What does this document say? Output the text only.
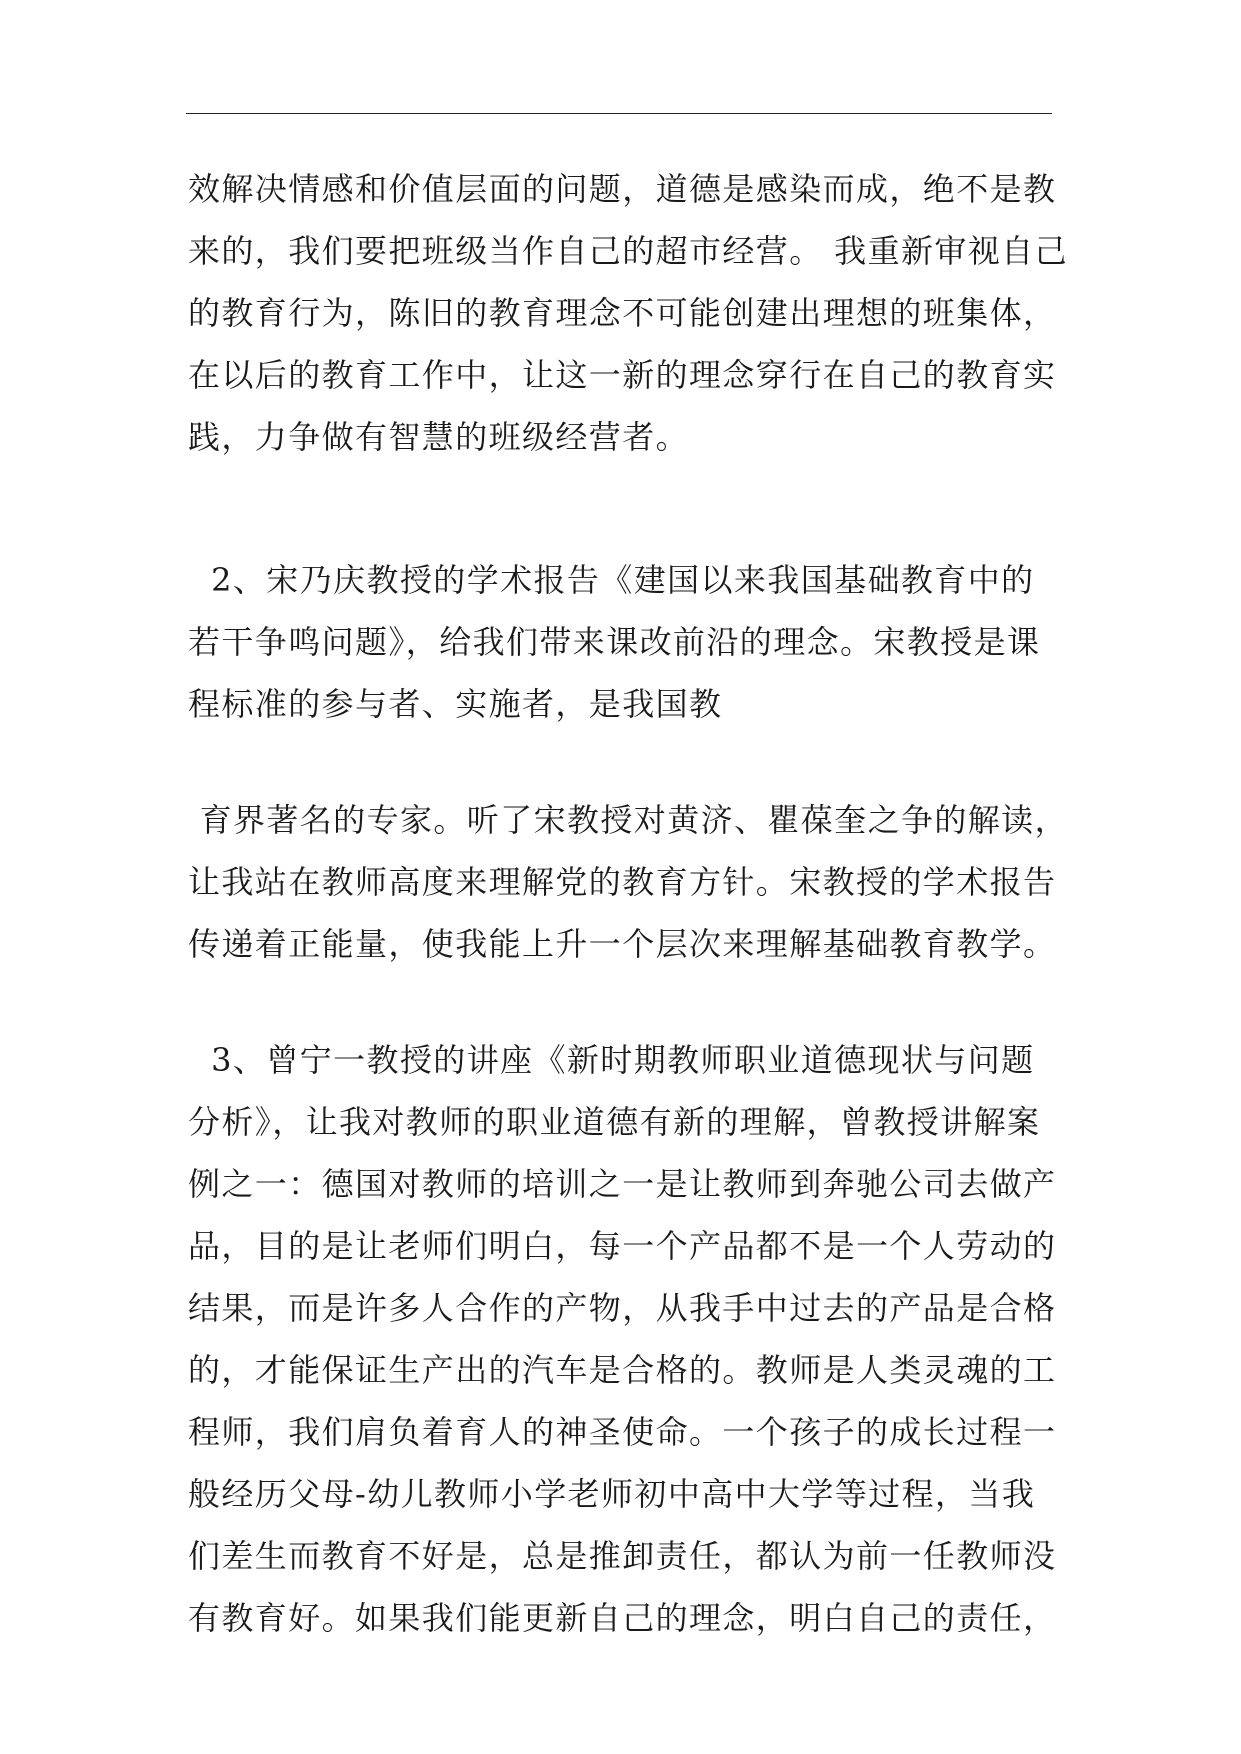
效解决情感和价值层面的问题，道德是感染而成，绝不是教
来的，我们要把班级当作自己的超市经营。 我重新审视自己
的教育行为，陈旧的教育理念不可能创建出理想的班集体，
在以后的教育工作中，让这一新的理念穿行在自己的教育实
践，力争做有智慧的班级经营者。
2、宋乃庆教授的学术报告《建国以来我国基础教育中的
若干争鸣问题》，给我们带来课改前沿的理念。宋教授是课
程标准的参与者、实施者，是我国教
育界著名的专家。听了宋教授对黄济、瞿葆奎之争的解读，
让我站在教师高度来理解党的教育方针。宋教授的学术报告
传递着正能量，使我能上升一个层次来理解基础教育教学。
3、曾宁一教授的讲座《新时期教师职业道德现状与问题
分析》，让我对教师的职业道德有新的理解，曾教授讲解案
例之一：德国对教师的培训之一是让教师到奔驰公司去做产
品，目的是让老师们明白，每一个产品都不是一个人劳动的
结果，而是许多人合作的产物，从我手中过去的产品是合格
的，才能保证生产出的汽车是合格的。教师是人类灵魂的工
程师，我们肩负着育人的神圣使命。一个孩子的成长过程一
般经历父母-幼儿教师小学老师初中高中大学等过程，当我
们差生而教育不好是，总是推卸责任，都认为前一任教师没
有教育好。如果我们能更新自己的理念，明白自己的责任，
